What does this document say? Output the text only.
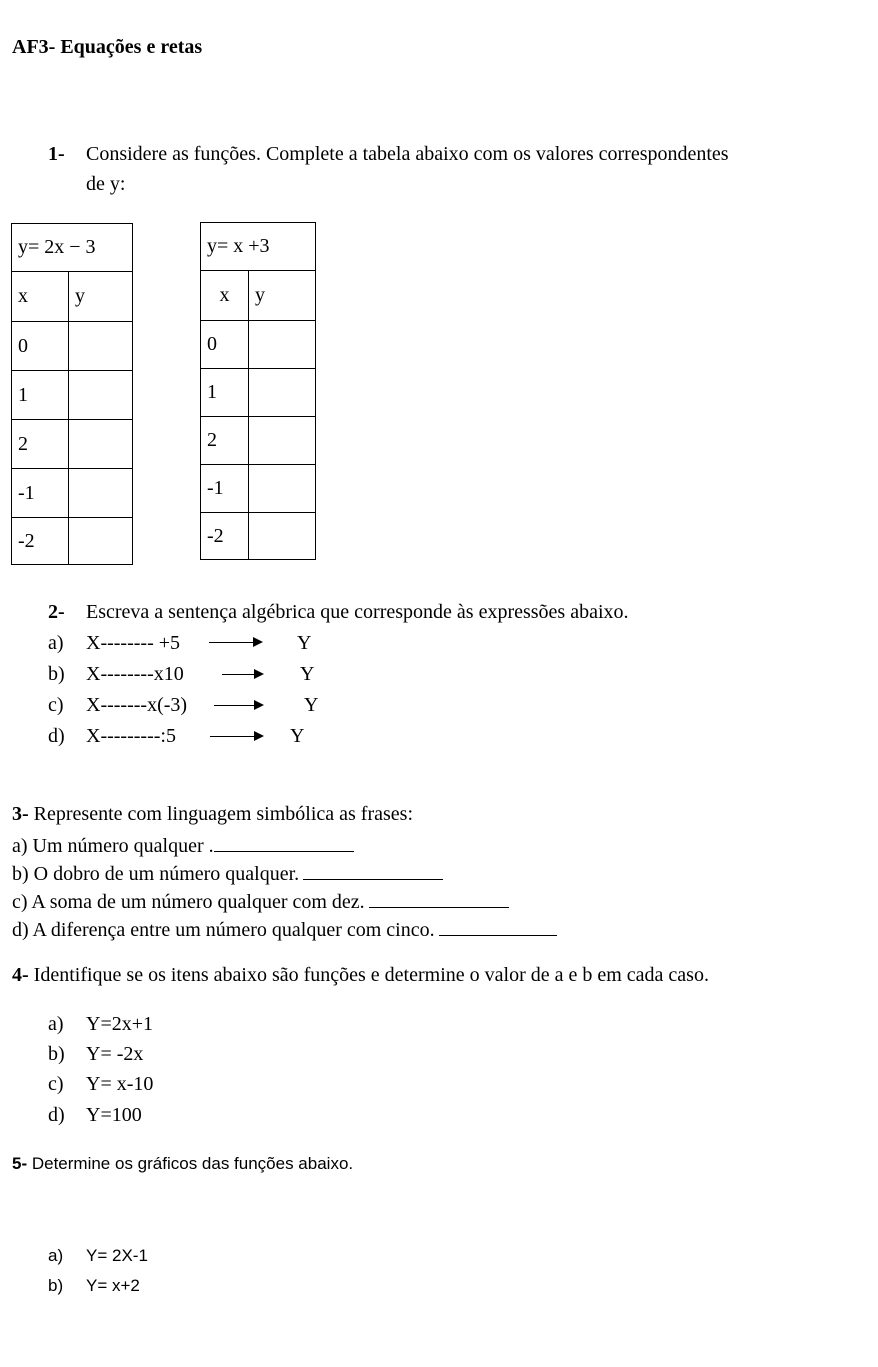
AF3- Equações e retas
1- Considere as funções. Complete a tabela abaixo com os valores correspondentes
de y:
y= 2x − 3	
x	y
0	
1	
2	
-1	
-2	
y= x +3	
x	y
0	
1	
2	
-1	
-2	
2- Escreva a sentença algébrica que corresponde às expressões abaixo.
a) X-------- +5	Y
b) X--------x10	Y
c) X-------x(-3)	Y
d) X---------:5	Y
3- Represente com linguagem simbólica as frases:
a) Um número qualquer .
b) O dobro de um número qualquer.
c) A soma de um número qualquer com dez.
d) A diferença entre um número qualquer com cinco.
4- Identifique se os itens abaixo são funções e determine o valor de a e b em cada caso.
a) Y=2x+1
b) Y= -2x
c) Y= x-10
d) Y=100
5- Determine os gráficos das funções abaixo.
a) Y= 2X-1
b) Y= x+2
